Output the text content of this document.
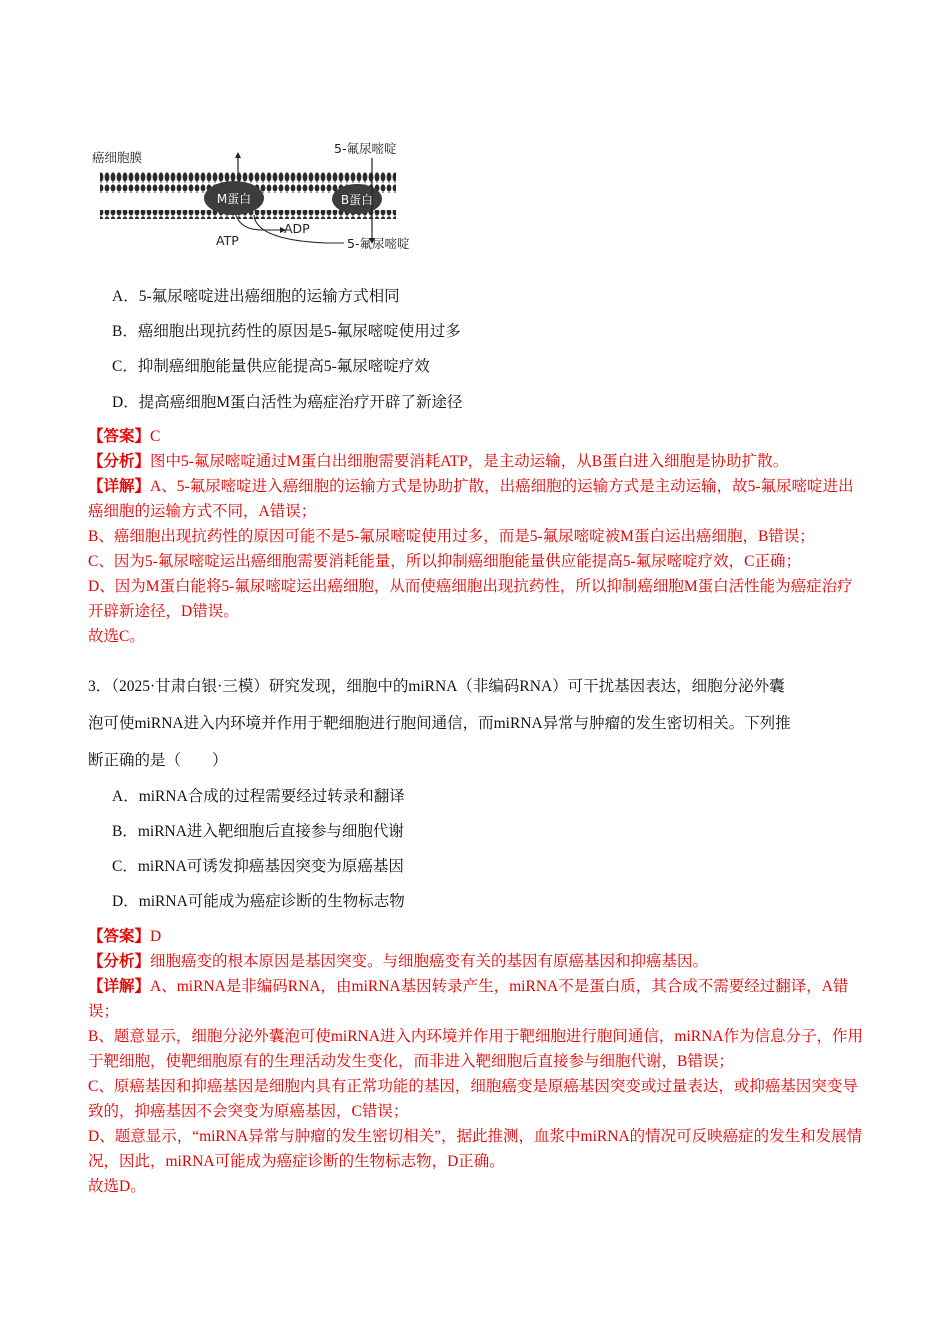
M蛋白	B蛋白
癌细胞膜
5-氟尿嘧啶
ATP
ADP
5-氟尿嘧啶
A．5-氟尿嘧啶进出癌细胞的运输方式相同
B．癌细胞出现抗药性的原因是5-氟尿嘧啶使用过多
C．抑制癌细胞能量供应能提高5-氟尿嘧啶疗效
D．提高癌细胞M蛋白活性为癌症治疗开辟了新途径
【答案】C
【分析】图中5-氟尿嘧啶通过M蛋白出细胞需要消耗ATP，是主动运输，从B蛋白进入细胞是协助扩散。
【详解】A、5-氟尿嘧啶进入癌细胞的运输方式是协助扩散，出癌细胞的运输方式是主动运输，故5-氟尿嘧啶进出癌细胞的运输方式不同，A错误；
B、癌细胞出现抗药性的原因可能不是5-氟尿嘧啶使用过多，而是5-氟尿嘧啶被M蛋白运出癌细胞，B错误；
C、因为5-氟尿嘧啶运出癌细胞需要消耗能量，所以抑制癌细胞能量供应能提高5-氟尿嘧啶疗效，C正确；
D、因为M蛋白能将5-氟尿嘧啶运出癌细胞，从而使癌细胞出现抗药性，所以抑制癌细胞M蛋白活性能为癌症治疗开辟新途径，D错误。
故选C。
3．（2025·甘肃白银·三模）研究发现，细胞中的miRNA（非编码RNA）可干扰基因表达，细胞分泌外囊
泡可使miRNA进入内环境并作用于靶细胞进行胞间通信，而miRNA异常与肿瘤的发生密切相关。下列推
断正确的是（　　）
A．miRNA合成的过程需要经过转录和翻译
B．miRNA进入靶细胞后直接参与细胞代谢
C．miRNA可诱发抑癌基因突变为原癌基因
D．miRNA可能成为癌症诊断的生物标志物
【答案】D
【分析】细胞癌变的根本原因是基因突变。与细胞癌变有关的基因有原癌基因和抑癌基因。
【详解】A、miRNA是非编码RNA，由miRNA基因转录产生，miRNA不是蛋白质，其合成不需要经过翻译，A错误；
B、题意显示，细胞分泌外囊泡可使miRNA进入内环境并作用于靶细胞进行胞间通信，miRNA作为信息分子，作用于靶细胞，使靶细胞原有的生理活动发生变化，而非进入靶细胞后直接参与细胞代谢，B错误；
C、原癌基因和抑癌基因是细胞内具有正常功能的基因，细胞癌变是原癌基因突变或过量表达，或抑癌基因突变导致的，抑癌基因不会突变为原癌基因，C错误；
D、题意显示，“miRNA异常与肿瘤的发生密切相关”，据此推测，血浆中miRNA的情况可反映癌症的发生和发展情况，因此，miRNA可能成为癌症诊断的生物标志物，D正确。
故选D。
